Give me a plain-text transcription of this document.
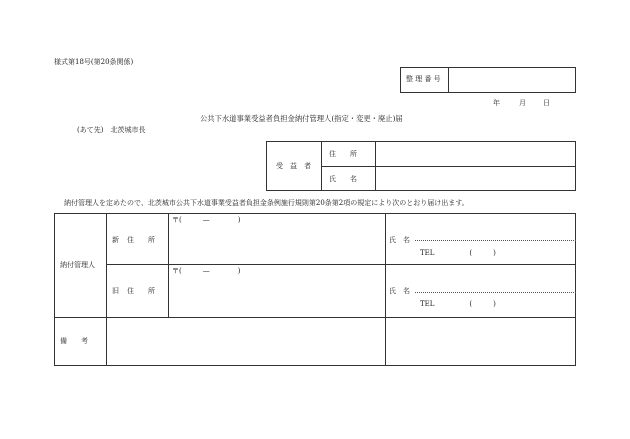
様式第18号(第20条関係)
整 理 番 号
年	月 日
公共下水道事業受益者負担金納付管理人(指定・変更・廃止)届
(あて先)　北茨城市長
受　益　者
住　　所
氏　　名
納付管理人を定めたので、北茨城市公共下水道事業受益者負担金条例施行規則第20条第2項の規定により次のとおり届け出ます。
納付管理人
新 住　　所
〒(　　　—　　　　)
氏　名
TEL　　　　　(　　　)
旧 住　　所
〒(　　　—　　　　)
氏　名
TEL　　　　　(　　　)
備　　考
